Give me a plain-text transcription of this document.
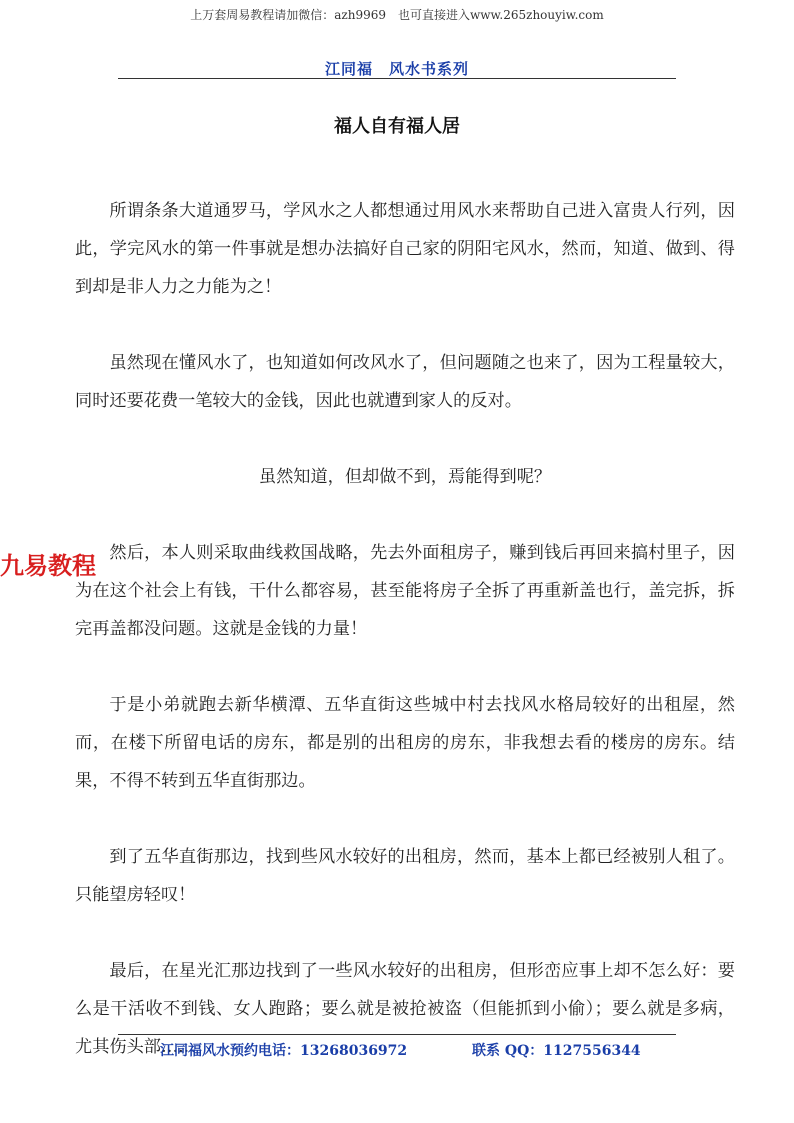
上万套周易教程请加微信：azh9969　也可直接进入www.265zhouyiw.com
江同福　风水书系列
福人自有福人居

所谓条条大道通罗马，学风水之人都想通过用风水来帮助自己进入富贵人行列，因此，学完风水的第一件事就是想办法搞好自己家的阴阳宅风水，然而，知道、做到、得到却是非人力之力能为之！

虽然现在懂风水了，也知道如何改风水了，但问题随之也来了，因为工程量较大，同时还要花费一笔较大的金钱，因此也就遭到家人的反对。

虽然知道，但却做不到，焉能得到呢？

然后，本人则采取曲线救国战略，先去外面租房子，赚到钱后再回来搞村里子，因为在这个社会上有钱，干什么都容易，甚至能将房子全拆了再重新盖也行，盖完拆，拆完再盖都没问题。这就是金钱的力量！

于是小弟就跑去新华横潭、五华直街这些城中村去找风水格局较好的出租屋，然而，在楼下所留电话的房东，都是别的出租房的房东，非我想去看的楼房的房东。结果，不得不转到五华直街那边。

到了五华直街那边，找到些风水较好的出租房，然而，基本上都已经被别人租了。只能望房轻叹！

最后，在星光汇那边找到了一些风水较好的出租房，但形峦应事上却不怎么好：要么是干活收不到钱、女人跑路；要么就是被抢被盗（但能抓到小偷）；要么就是多病，尤其伤头部…..

九易教程
江同福风水预约电话：13268036972	联系 QQ：1127556344
